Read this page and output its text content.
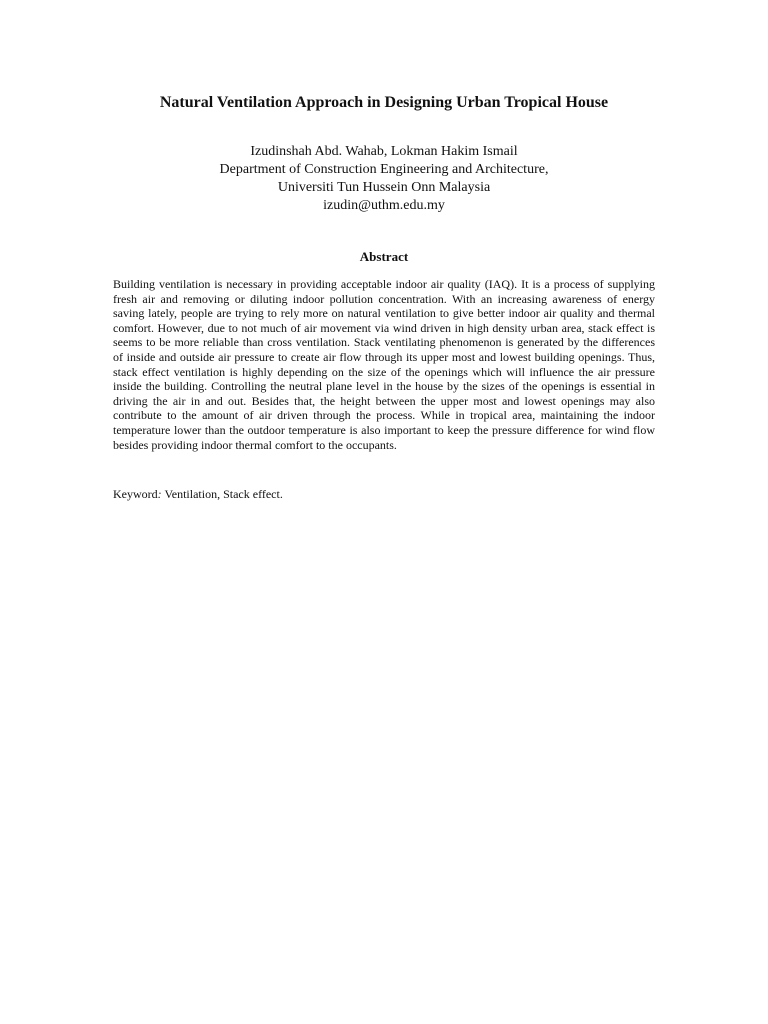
Natural Ventilation Approach in Designing Urban Tropical House
Izudinshah Abd. Wahab, Lokman Hakim Ismail
Department of Construction Engineering and Architecture,
Universiti Tun Hussein Onn Malaysia
izudin@uthm.edu.my
Abstract

Building ventilation is necessary in providing acceptable indoor air quality (IAQ). It is a process of supplying fresh air and removing or diluting indoor pollution concentration. With an increasing awareness of energy saving lately, people are trying to rely more on natural ventilation to give better indoor air quality and thermal comfort. However, due to not much of air movement via wind driven in high density urban area, stack effect is seems to be more reliable than cross ventilation. Stack ventilating phenomenon is generated by the differences of inside and outside air pressure to create air flow through its upper most and lowest building openings. Thus, stack effect ventilation is highly depending on the size of the openings which will influence the air pressure inside the building. Controlling the neutral plane level in the house by the sizes of the openings is essential in driving the air in and out. Besides that, the height between the upper most and lowest openings may also contribute to the amount of air driven through the process. While in tropical area, maintaining the indoor temperature lower than the outdoor temperature is also important to keep the pressure difference for wind flow besides providing indoor thermal comfort to the occupants.

Keyword: Ventilation, Stack effect.
